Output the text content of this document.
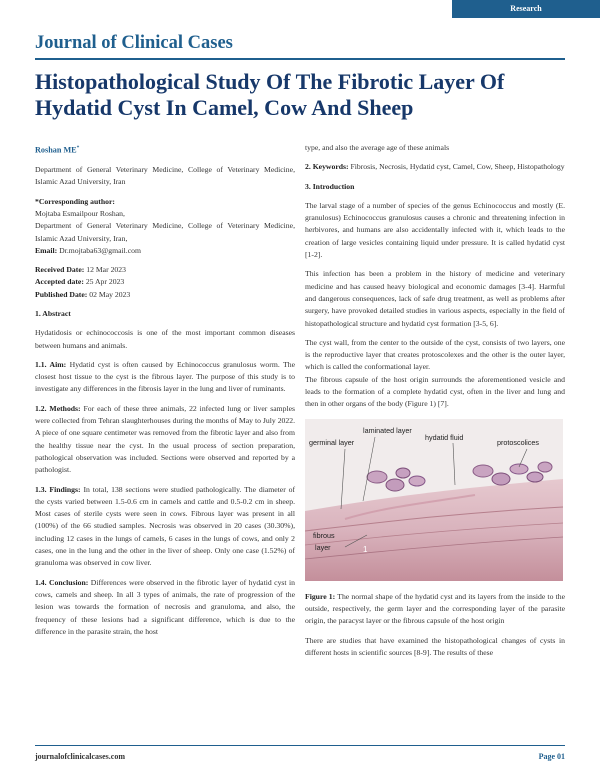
Research
Journal of Clinical Cases
Histopathological Study Of The Fibrotic Layer Of Hydatid Cyst In Camel, Cow And Sheep

Roshan ME*

Department of General Veterinary Medicine, College of Veterinary Medicine, Islamic Azad University, Iran

*Corresponding author:

Mojtaba Esmailpour Roshan,

Department of General Veterinary Medicine, College of Veterinary Medicine, Islamic Azad University, Iran,

Email: Dr.mojtaba63@gmail.com

Received Date: 12 Mar 2023

Accepted date: 25 Apr 2023

Published Date: 02 May 2023

1. Abstract

Hydatidosis or echinococcosis is one of the most important common diseases between humans and animals.

1.1. Aim: Hydatid cyst is often caused by Echinococcus granulosus worm. The closest host tissue to the cyst is the fibrous layer. The purpose of this study is to investigate any differences in the fibrosis layer in the lung and liver of ruminants.

1.2. Methods: For each of these three animals, 22 infected lung or liver samples were collected from Tehran slaughterhouses during the months of May to July 2022. A piece of one square centimeter was removed from the fibrotic layer and also from the healthy tissue near the cyst. In the usual process of section preparation, pathological observation was included. Sections were observed and reported by a pathologist.

1.3. Findings: In total, 138 sections were studied pathologically. The diameter of the cysts varied between 1.5-0.6 cm in camels and cattle and 0.5-0.2 cm in sheep. Most cases of sterile cysts were seen in cows. Fibrous layer was present in all (100%) of the 66 studied samples. Necrosis was observed in 20 cases (30.30%), including 12 cases in the lungs of camels, 6 cases in the lungs of cows, and only 2 cases, one in the lung and the other in the liver of sheep. Only one case (1.52%) of granuloma was observed in cow liver.

1.4. Conclusion: Differences were observed in the fibrotic layer of hydatid cyst in cows, camels and sheep. In all 3 types of animals, the rate of progression of the lesion was towards the formation of necrosis and granuloma, and also, the frequency of these lesions had a significant difference, which is due to the difference in the parasite strain, the host

type, and also the average age of these animals

2. Keywords: Fibrosis, Necrosis, Hydatid cyst, Camel, Cow, Sheep, Histopathology

3. Introduction

The larval stage of a number of species of the genus Echinococcus and mostly (E. granulosus) Echinococcus granulosus causes a chronic and threatening infection in herbivores, and humans are also accidentally infected with it, which leads to the creation of large vesicles containing liquid under pressure. It is called hydatid cyst [1-2].

This infection has been a problem in the history of medicine and veterinary medicine and has caused heavy biological and economic damages [3-4]. Harmful and dangerous consequences, lack of safe drug treatment, as well as problems after surgery, have provoked detailed studies in various aspects, especially in the field of histopathological structure and hydatid cyst formation [3-5, 6].

The cyst wall, from the center to the outside of the cyst, consists of two layers, one is the reproductive layer that creates protoscolexes and the other is the outer layer, which is called the conformational layer.

The fibrous capsule of the host origin surrounds the aforementioned vesicle and leads to the formation of a complete hydatid cyst, often in the liver and lung and then in other organs of the body (Figure 1) [7].

laminated layer
germinal layer
hydatid fluid
protoscolices
fibrous
layer	1

Figure 1: The normal shape of the hydatid cyst and its layers from the inside to the outside, respectively, the germ layer and the corresponding layer of the parasite origin, the paracyst layer or the fibrous capsule of the host origin

There are studies that have examined the histopathological changes of cysts in different hosts in scientific sources [8-9]. The results of these

journalofclinicalcases.com	Page 01
